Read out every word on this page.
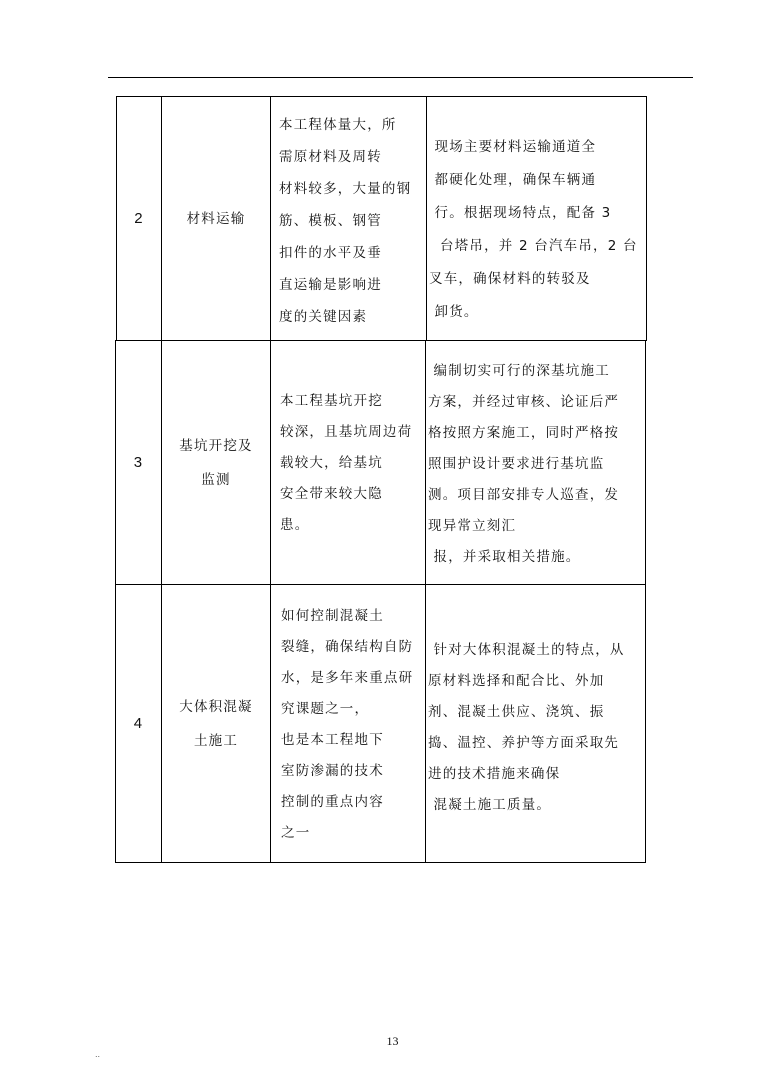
2	材料运输
本工程体量大，所
需原材料及周转
材料较多，大量的钢
筋、模板、钢管
扣件的水平及垂
直运输是影响进
度的关键因素
现场主要材料运输通道全
都硬化处理，确保车辆通
行。根据现场特点，配备 3
台塔吊，并 2 台汽车吊，2 台
叉车，确保材料的转驳及
卸货。
3
基坑开挖及
监测
本工程基坑开挖
较深，且基坑周边荷
载较大，给基坑
安全带来较大隐
患。
编制切实可行的深基坑施工
方案，并经过审核、论证后严
格按照方案施工，同时严格按
照围护设计要求进行基坑监
测。项目部安排专人巡查，发
现异常立刻汇
报，并采取相关措施。
4
大体积混凝
土施工
如何控制混凝土
裂缝，确保结构自防
水，是多年来重点研
究课题之一，
也是本工程地下
室防渗漏的技术
控制的重点内容
之一
针对大体积混凝土的特点，从
原材料选择和配合比、外加
剂、混凝土供应、浇筑、振
捣、温控、养护等方面采取先
进的技术措施来确保
混凝土施工质量。
13
..
